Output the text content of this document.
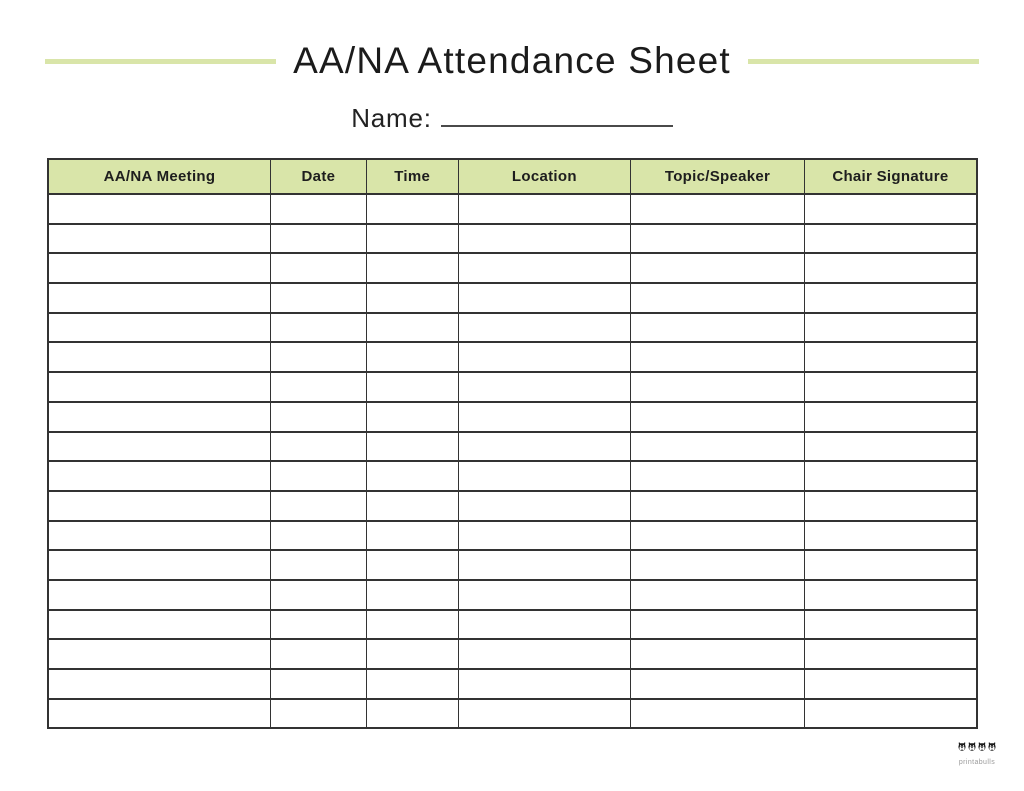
AA/NA Attendance Sheet
Name:
AA/NA Meeting	Date	Time	Location	Topic/Speaker	Chair Signature

printabulls
